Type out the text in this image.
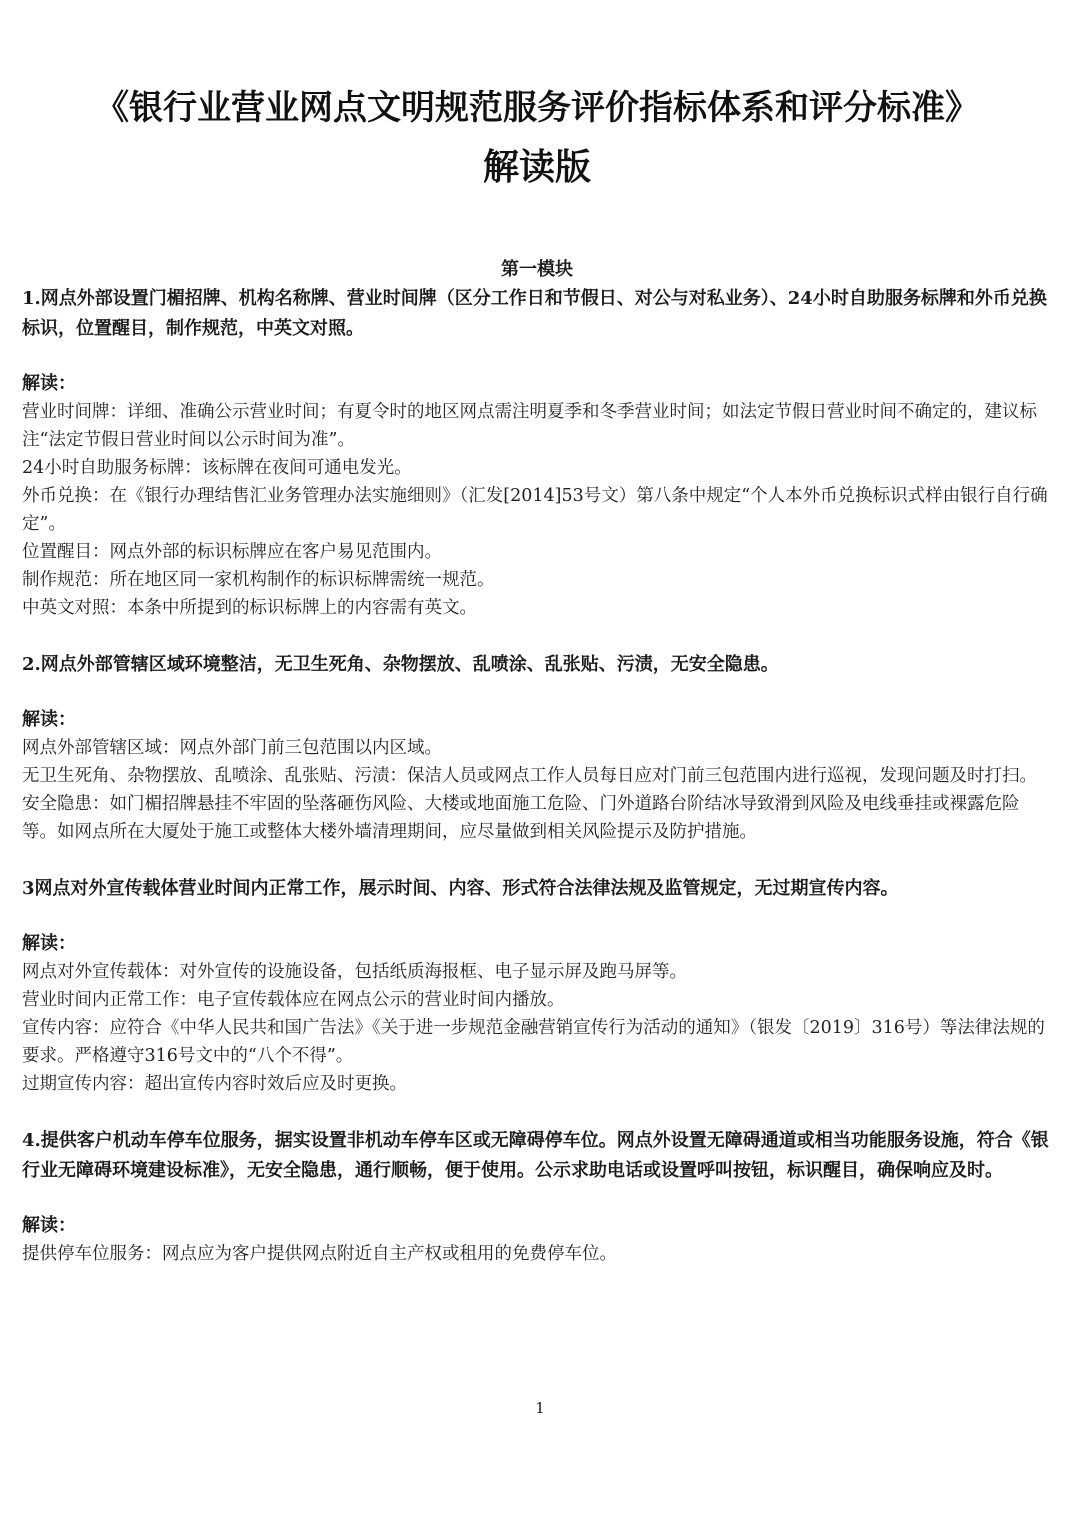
《银行业营业网点文明规范服务评价指标体系和评分标准》
解读版
第一模块

1.网点外部设置门楣招牌、机构名称牌、营业时间牌（区分工作日和节假日、对公与对私业务）、24小时自助服务标牌和外币兑换标识，位置醒目，制作规范，中英文对照。

解读：

营业时间牌：详细、准确公示营业时间；有夏令时的地区网点需注明夏季和冬季营业时间；如法定节假日营业时间不确定的，建议标注“法定节假日营业时间以公示时间为准”。

24小时自助服务标牌：该标牌在夜间可通电发光。

外币兑换：在《银行办理结售汇业务管理办法实施细则》（汇发[2014]53号文）第八条中规定“个人本外币兑换标识式样由银行自行确定”。

位置醒目：网点外部的标识标牌应在客户易见范围内。

制作规范：所在地区同一家机构制作的标识标牌需统一规范。

中英文对照：本条中所提到的标识标牌上的内容需有英文。

2.网点外部管辖区域环境整洁，无卫生死角、杂物摆放、乱喷涂、乱张贴、污渍，无安全隐患。

解读：

网点外部管辖区域：网点外部门前三包范围以内区域。

无卫生死角、杂物摆放、乱喷涂、乱张贴、污渍：保洁人员或网点工作人员每日应对门前三包范围内进行巡视，发现问题及时打扫。

安全隐患：如门楣招牌悬挂不牢固的坠落砸伤风险、大楼或地面施工危险、门外道路台阶结冰导致滑到风险及电线垂挂或裸露危险等。如网点所在大厦处于施工或整体大楼外墙清理期间，应尽量做到相关风险提示及防护措施。

3网点对外宣传载体营业时间内正常工作，展示时间、内容、形式符合法律法规及监管规定，无过期宣传内容。

解读：

网点对外宣传载体：对外宣传的设施设备，包括纸质海报框、电子显示屏及跑马屏等。

营业时间内正常工作：电子宣传载体应在网点公示的营业时间内播放。

宣传内容：应符合《中华人民共和国广告法》《关于进一步规范金融营销宣传行为活动的通知》（银发〔2019〕316号）等法律法规的要求。严格遵守316号文中的“八个不得”。

过期宣传内容：超出宣传内容时效后应及时更换。

4.提供客户机动车停车位服务，据实设置非机动车停车区或无障碍停车位。网点外设置无障碍通道或相当功能服务设施，符合《银行业无障碍环境建设标准》，无安全隐患，通行顺畅，便于使用。公示求助电话或设置呼叫按钮，标识醒目，确保响应及时。

解读：

提供停车位服务：网点应为客户提供网点附近自主产权或租用的免费停车位。

1
